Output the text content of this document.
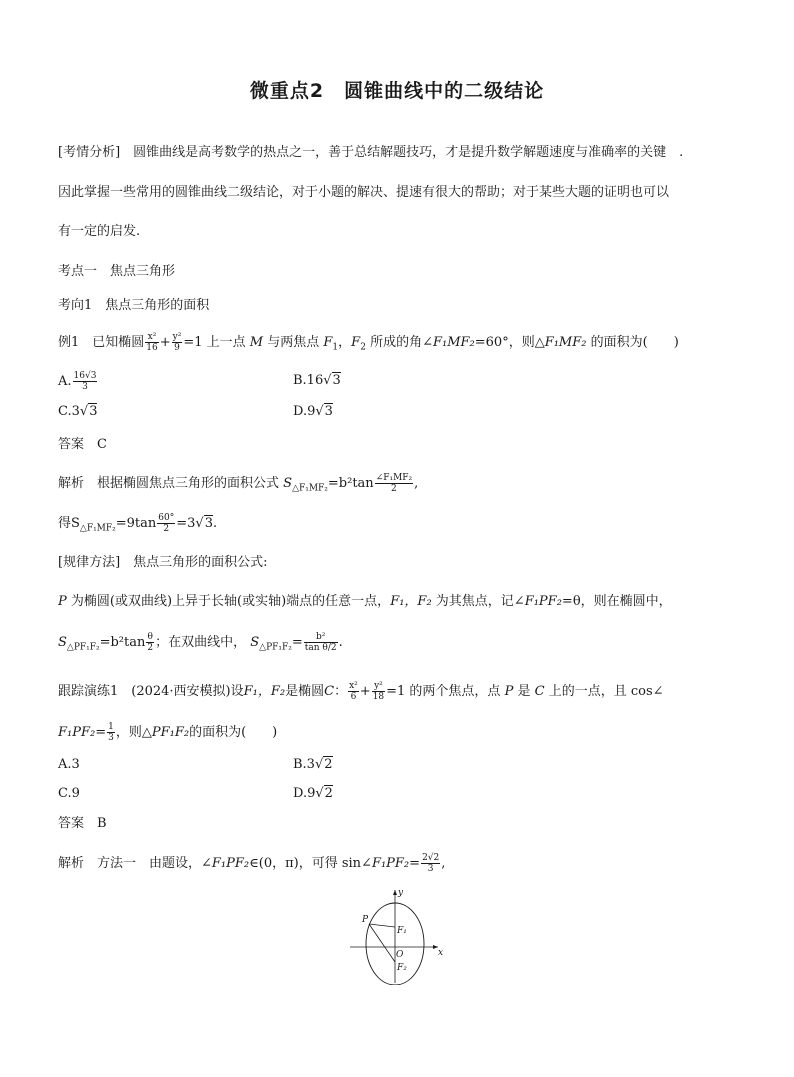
微重点2　圆锥曲线中的二级结论
[考情分析]　 圆锥曲线是高考数学的热点之一，善于总结解题技巧，才是提升数学解题速度与准确率的关键　.
因此掌握一些常用的圆锥曲线二级结论，对于小题的解决、提速有很大的帮助；对于某些大题的证明也可以
有一定的启发.
考点一　焦点三角形
考向1　焦点三角形的面积
例1　已知椭圆 $\frac{\text{x²}}{16} + \frac{\text{y²}}{9} =1$ 上一点 M 与两焦点 $F_1$，$F_2$ 所成的角∠F₁MF₂=60°，则△F₁MF₂ 的面积为(　　)
A. $\frac{16√3}{3}$	B.16√3
C.3√3	D.9√3
答案　C
解析　根据椭圆焦点三角形的面积公式 $S_{\triangle F_1MF_2}=b^2\tan \frac{\text{∠F₁MF₂}}{2}$ ,
得$S_{\triangle F_1MF_2}=9\tan \frac{60^\circ}{2} =3√3$.
[规律方法]　焦点三角形的面积公式:
P 为椭圆(或双曲线)上异于长轴(或实轴)端点的任意一点，F₁，F₂ 为其焦点，记∠F₁PF₂=θ，则在椭圆中，
$S_{\triangle PF_1F_2}=b^2\tan \frac{\theta}{2}$ ；在双曲线中， $S_{\triangle PF_1F_2}= \frac{\text{b²}}{\text{tan θ/2}}$ .
跟踪演练1　(2024·西安模拟)设F₁，F₂是椭圆C： $\frac{\text{x²}}{6} + \frac{\text{y²}}{18} =1$ 的两个焦点，点 P 是 C 上的一点，且 cos∠
$F_1PF_2= \frac{1}{3}$ ，则△PF₁F₂的面积为(　　)
A.3	B.3√2
C.9	D.9√2
答案　B
解析　方法一　由题设，∠F₁PF₂∈(0，π)，可得 sin∠F₁PF₂= $\frac{2√2}{3}$ ,
y
x
P
F₁
O
F₂
